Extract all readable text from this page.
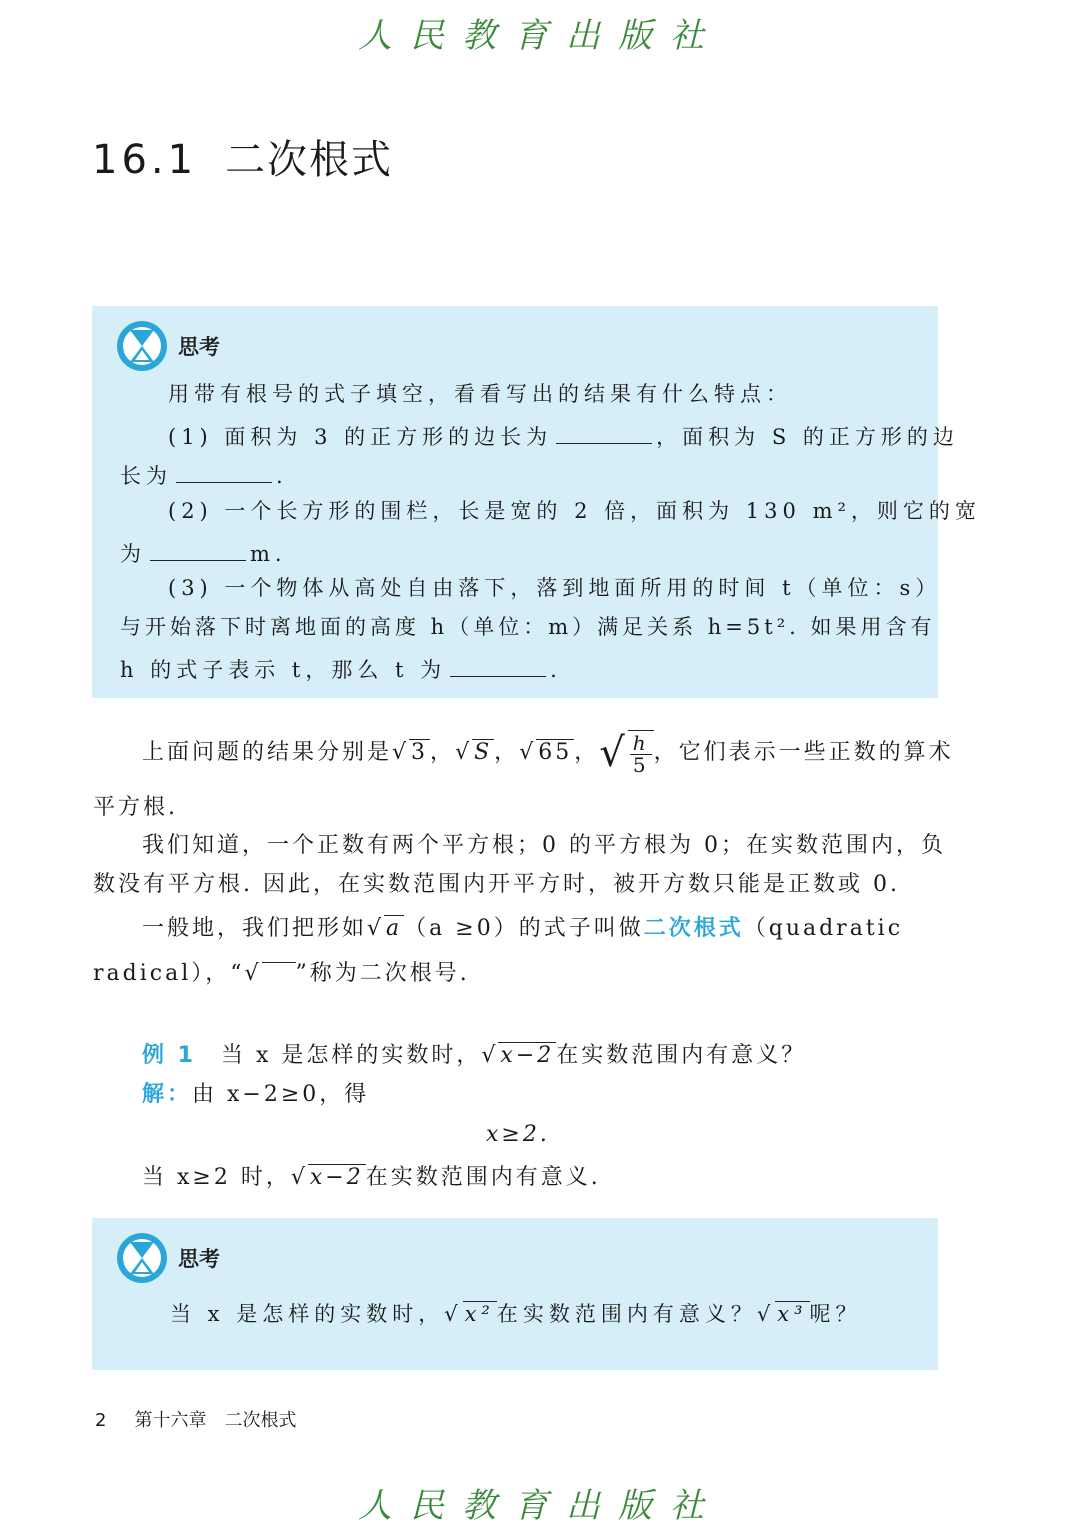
人民教育出版社
16.1 二次根式
思考
用带有根号的式子填空，看看写出的结果有什么特点：
(1) 面积为 3 的正方形的边长为	，面积为 S 的正方形的边
长为	.
(2) 一个长方形的围栏，长是宽的 2 倍，面积为 130 m²，则它的宽
为	m.
(3) 一个物体从高处自由落下，落到地面所用的时间 t（单位：s）
与开始落下时离地面的高度 h（单位：m）满足关系 h=5t². 如果用含有
h 的式子表示 t，那么 t 为	.
上面问题的结果分别是√3，√S，√65， √ $\frac{h}{5}$ ，它们表示一些正数的算术
平方根.
我们知道，一个正数有两个平方根；0 的平方根为 0；在实数范围内，负
数没有平方根. 因此，在实数范围内开平方时，被开方数只能是正数或 0.
一般地，我们把形如√a（a ≥0）的式子叫做二次根式（quadratic
radical），“√ ”称为二次根号.
例 1　 当 x 是怎样的实数时，√x−2在实数范围内有意义？
解：由 x−2≥0，得
x≥2.
当 x≥2 时，√x−2在实数范围内有意义.
思考
当 x 是怎样的实数时，√x²在实数范围内有意义？√x³呢？
2 第十六章　二次根式
人民教育出版社
